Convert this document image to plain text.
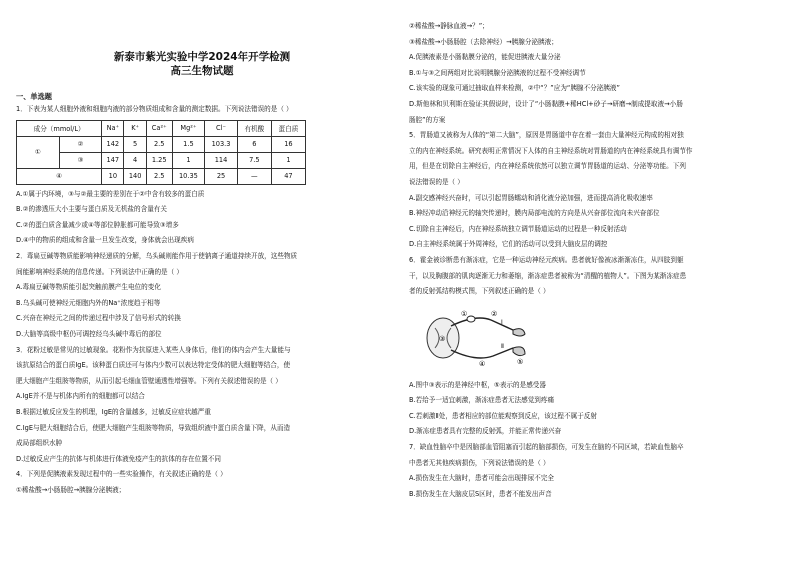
新泰市紫光实验中学2024年开学检测
高三生物试题
一、单选题

1．下表为某人细胞外液和细胞内液的部分物质组成和含量的测定数据。下列说法错误的是（ ）

成分（mmol/L）		Na⁺	K⁺	Ca²⁺	Mg²⁺	Cl⁻	有机酸	蛋白质
①	②	142	5	2.5	1.5	103.3	6	16
	③	147	4	1.25	1	114	7.5	1
④		10	140	2.5	10.35	25	—	47

A.①属于内环境，③与②最主要的差别在于②中含有较多的蛋白质

B.②的渗透压大小主要与蛋白质及无机盐的含量有关

C.②的蛋白质含量减少或④等部位肿胀都可能导致③增多

D.④中的物质的组成和含量一旦发生改变，身体就会出现疾病

2．毒扁豆碱等物质能影响神经递质的分解，乌头碱则能作用于使钠离子通道持续开放，这些物质

间能影响神经系统的信息传递。下列说法中正确的是（ ）

A.毒扁豆碱等物质能引起突触前膜产生电位的变化

B.乌头碱可使神经元细胞内外的Na⁺浓度趋于相等

C.兴奋在神经元之间的传递过程中涉及了信号形式的转换

D.大脑等高级中枢仍可调控经乌头碱中毒后的部位

3．花粉过敏是常见的过敏现象。花粉作为抗原进入某些人身体后，他们的体内会产生大量能与

该抗原结合的蛋白质IgE。该种蛋白质还可与体内少数可以表达特定受体的肥大细胞等结合，使

肥大细胞产生组胺等物质，从而引起毛细血管壁通透性增强等。下列有关叙述错误的是（ ）

A.IgE并不是与机体内所有的细胞都可以结合

B.根据过敏反应发生的机理，IgE的含量越多，过敏反应症状越严重

C.IgE与肥大细胞结合后，使肥大细胞产生组胺等物质，导致组织液中蛋白质含量下降，从而造

成局部组织水肿

D.过敏反应产生的抗体与机体进行体液免疫产生的抗体的存在位置不同

4．下列是促胰液素发现过程中的一些实验操作，有关叙述正确的是（ ）

①稀盐酸→小肠肠腔→胰腺分泌胰液；

②稀盐酸→静脉血液→？”；

③稀盐酸→小肠肠腔（去除神经）→胰腺分泌胰液；

A.促胰液素是小肠黏膜分泌的，能促进胰液大量分泌

B.①与③之间两组对比说明胰腺分泌胰液的过程不受神经调节

C.该实验的现象可通过抽取血样来检测，②中“？”应为“胰腺不分泌胰液”

D.斯他林和贝利斯在验证其假说时，设计了“小肠黏膜+稀HCl+砂子→研磨→制成提取液→小肠

肠腔”的方案

5．胃肠道又被称为人体的“第二大脑”，原因是胃肠道中存在着一套由大量神经元构成的相对独

立的内在神经系统。研究表明正常情况下人体的自主神经系统对胃肠道的内在神经系统具有调节作

用，但是在切除自主神经后，内在神经系统依然可以独立调节胃肠道的运动、分泌等功能。下列

说法错误的是（ ）

A.副交感神经兴奋时，可以引起胃肠蠕动和消化液分泌加强，进而提高消化吸收速率

B.神经冲动沿神经元的轴突传递时，膜内局部电流的方向是从兴奋部位流向未兴奋部位

C.切除自主神经后，内在神经系统独立调节肠道运动的过程是一种反射活动

D.自主神经系统属于外周神经，它们的活动可以受到大脑皮层的调控

6．霍金被诊断患有渐冻症，它是一种运动神经元疾病。患者就好像被冰渐渐冻住，从四肢到躯

干，以及胸腹部的肌肉逐渐无力和萎缩，渐冻症患者被称为“清醒的植物人”。下图为某渐冻症患

者的反射弧结构模式图，下列叙述正确的是（ ）

①	②
③
④	⑤
Ⅰ
Ⅱ

A.图中③表示的是神经中枢，⑤表示的是感受器

B.若给予一适宜刺激，渐冻症患者无法感觉到疼痛

C.若刺激Ⅱ处，患者相应的部位能观察到反应，该过程不属于反射

D.渐冻症患者具有完整的反射弧，并能正常传递兴奋

7．缺血性脑卒中是因脑部血管阻塞而引起的脑部损伤，可发生在脑的不同区域，若缺血性脑卒

中患者无其他疾病损伤，下列说法错误的是（ ）

A.损伤发生在大脑时，患者可能会出现排尿不完全

B.损伤发生在大脑皮层S区时，患者不能发出声音
